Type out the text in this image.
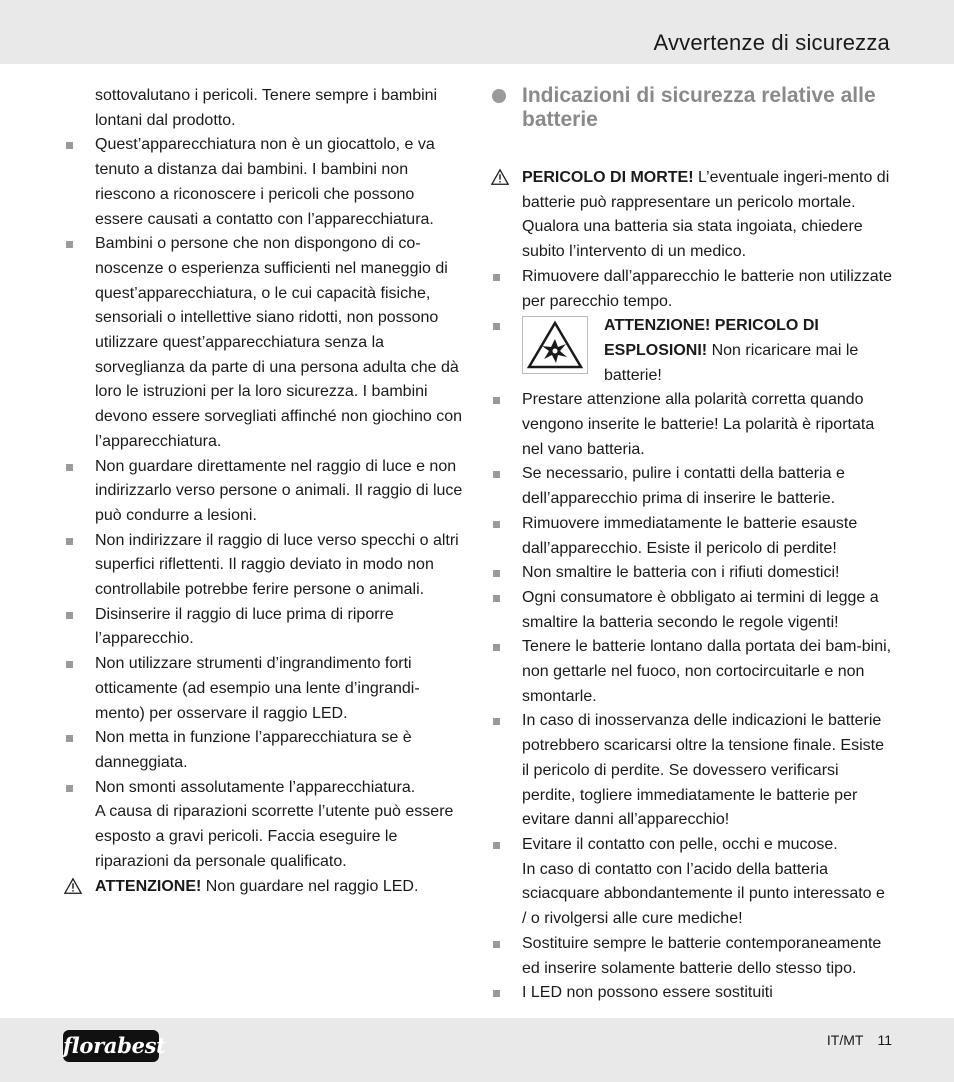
Avvertenze di sicurezza

sottovalutano i pericoli. Tenere sempre i bambini lontani dal prodotto.

Quest’apparecchiatura non è un giocattolo, e va tenuto a distanza dai bambini. I bambini non riescono a riconoscere i pericoli che possono essere causati a contatto con l’apparecchiatura.

Bambini o persone che non dispongono di co-noscenze o esperienza sufficienti nel maneggio di quest’apparecchiatura, o le cui capacità fisiche, sensoriali o intellettive siano ridotti, non possono utilizzare quest’apparecchiatura senza la sorveglianza da parte di una persona adulta che dà loro le istruzioni per la loro sicurezza. I bambini devono essere sorvegliati affinché non giochino con l’apparecchiatura.

Non guardare direttamente nel raggio di luce e non indirizzarlo verso persone o animali. Il raggio di luce può condurre a lesioni.

Non indirizzare il raggio di luce verso specchi o altri superfici riflettenti. Il raggio deviato in modo non controllabile potrebbe ferire persone o animali.

Disinserire il raggio di luce prima di riporre l’apparecchio.

Non utilizzare strumenti d’ingrandimento forti otticamente (ad esempio una lente d’ingrandi-mento) per osservare il raggio LED.

Non metta in funzione l’apparecchiatura se è danneggiata.

Non smonti assolutamente l’apparecchiatura.

A causa di riparazioni scorrette l’utente può essere esposto a gravi pericoli. Faccia eseguire le riparazioni da personale qualificato.

ATTENZIONE! Non guardare nel raggio LED.

Indicazioni di sicurezza relative alle batterie

PERICOLO DI MORTE! L’eventuale ingeri-mento di batterie può rappresentare un pericolo mortale. Qualora una batteria sia stata ingoiata, chiedere subito l’intervento di un medico.

Rimuovere dall’apparecchio le batterie non utilizzate per parecchio tempo.

ATTENZIONE! PERICOLO DI ESPLOSIONI! Non ricaricare mai le batterie!

Prestare attenzione alla polarità corretta quando vengono inserite le batterie! La polarità è riportata nel vano batteria.

Se necessario, pulire i contatti della batteria e dell’apparecchio prima di inserire le batterie.

Rimuovere immediatamente le batterie esauste dall’apparecchio. Esiste il pericolo di perdite!

Non smaltire le batteria con i rifiuti domestici!

Ogni consumatore è obbligato ai termini di legge a smaltire la batteria secondo le regole vigenti!

Tenere le batterie lontano dalla portata dei bam-bini, non gettarle nel fuoco, non cortocircuitarle e non smontarle.

In caso di inosservanza delle indicazioni le batterie potrebbero scaricarsi oltre la tensione finale. Esiste il pericolo di perdite. Se dovessero verificarsi perdite, togliere immediatamente le batterie per evitare danni all’apparecchio!

Evitare il contatto con pelle, occhi e mucose.

In caso di contatto con l’acido della batteria sciacquare abbondantemente il punto interessato e / o rivolgersi alle cure mediche!

Sostituire sempre le batterie contemporaneamente ed inserire solamente batterie dello stesso tipo.

I LED non possono essere sostituiti

florabest	IT/MT 11
